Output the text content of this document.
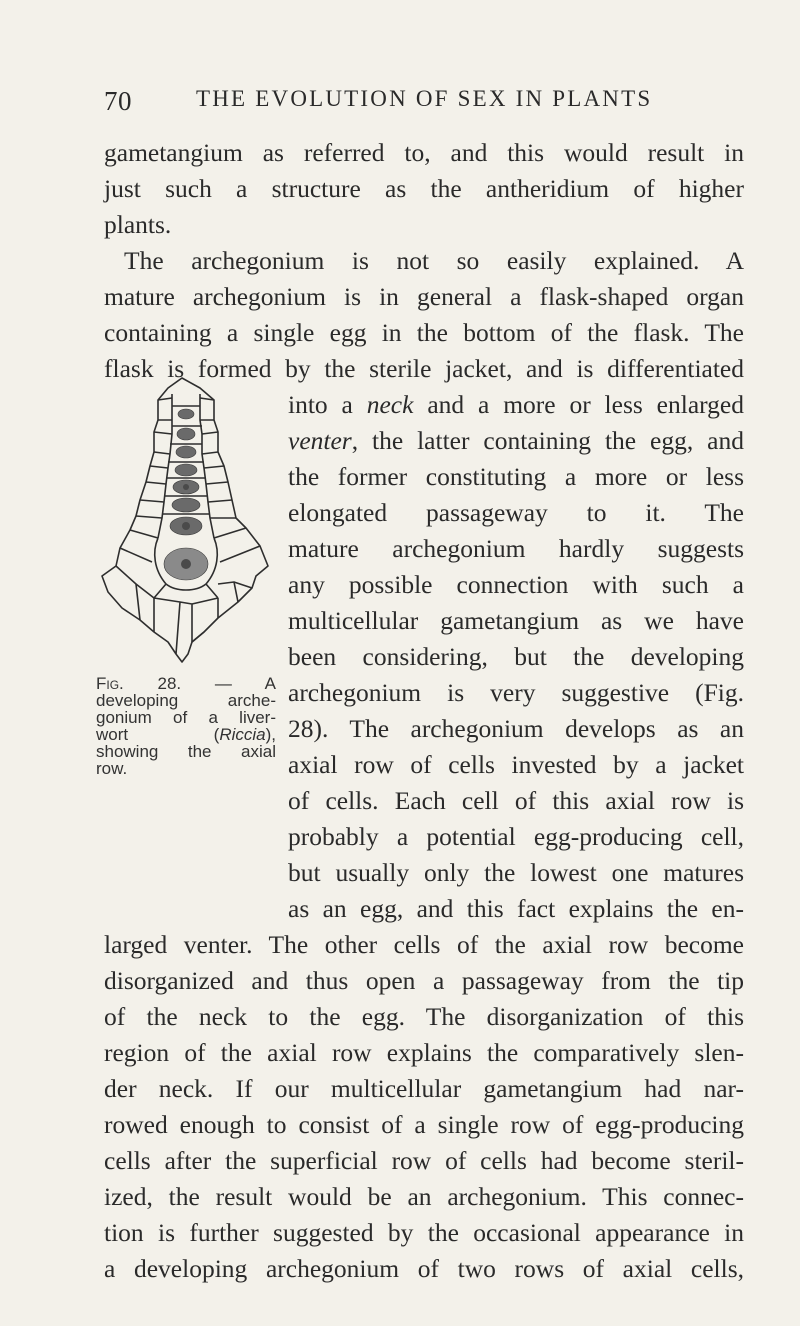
70	THE EVOLUTION OF SEX IN PLANTS
gametangium as referred to, and this would result in
just such a structure as the antheridium of higher
plants.
The archegonium is not so easily explained. A
mature archegonium is in general a flask-shaped organ
containing a single egg in the bottom of the flask. The
flask is formed by the sterile jacket, and is differentiated
into a neck and a more or less enlarged
venter, the latter containing the egg, and
the former constituting a more or less
elongated passageway to it. The
mature archegonium hardly suggests
any possible connection with such a
multicellular gametangium as we have
been considering, but the developing
archegonium is very suggestive (Fig.
28). The archegonium develops as an
axial row of cells invested by a jacket
of cells. Each cell of this axial row is
probably a potential egg-producing cell,
but usually only the lowest one matures
as an egg, and this fact explains the en-
larged venter. The other cells of the axial row become
disorganized and thus open a passageway from the tip
of the neck to the egg. The disorganization of this
region of the axial row explains the comparatively slen-
der neck. If our multicellular gametangium had nar-
rowed enough to consist of a single row of egg-producing
cells after the superficial row of cells had become steril-
ized, the result would be an archegonium. This connec-
tion is further suggested by the occasional appearance in
a developing archegonium of two rows of axial cells,
Fig. 28. — A
developing arche-
gonium of a liver-
wort (Riccia),
showing the axial
row.
